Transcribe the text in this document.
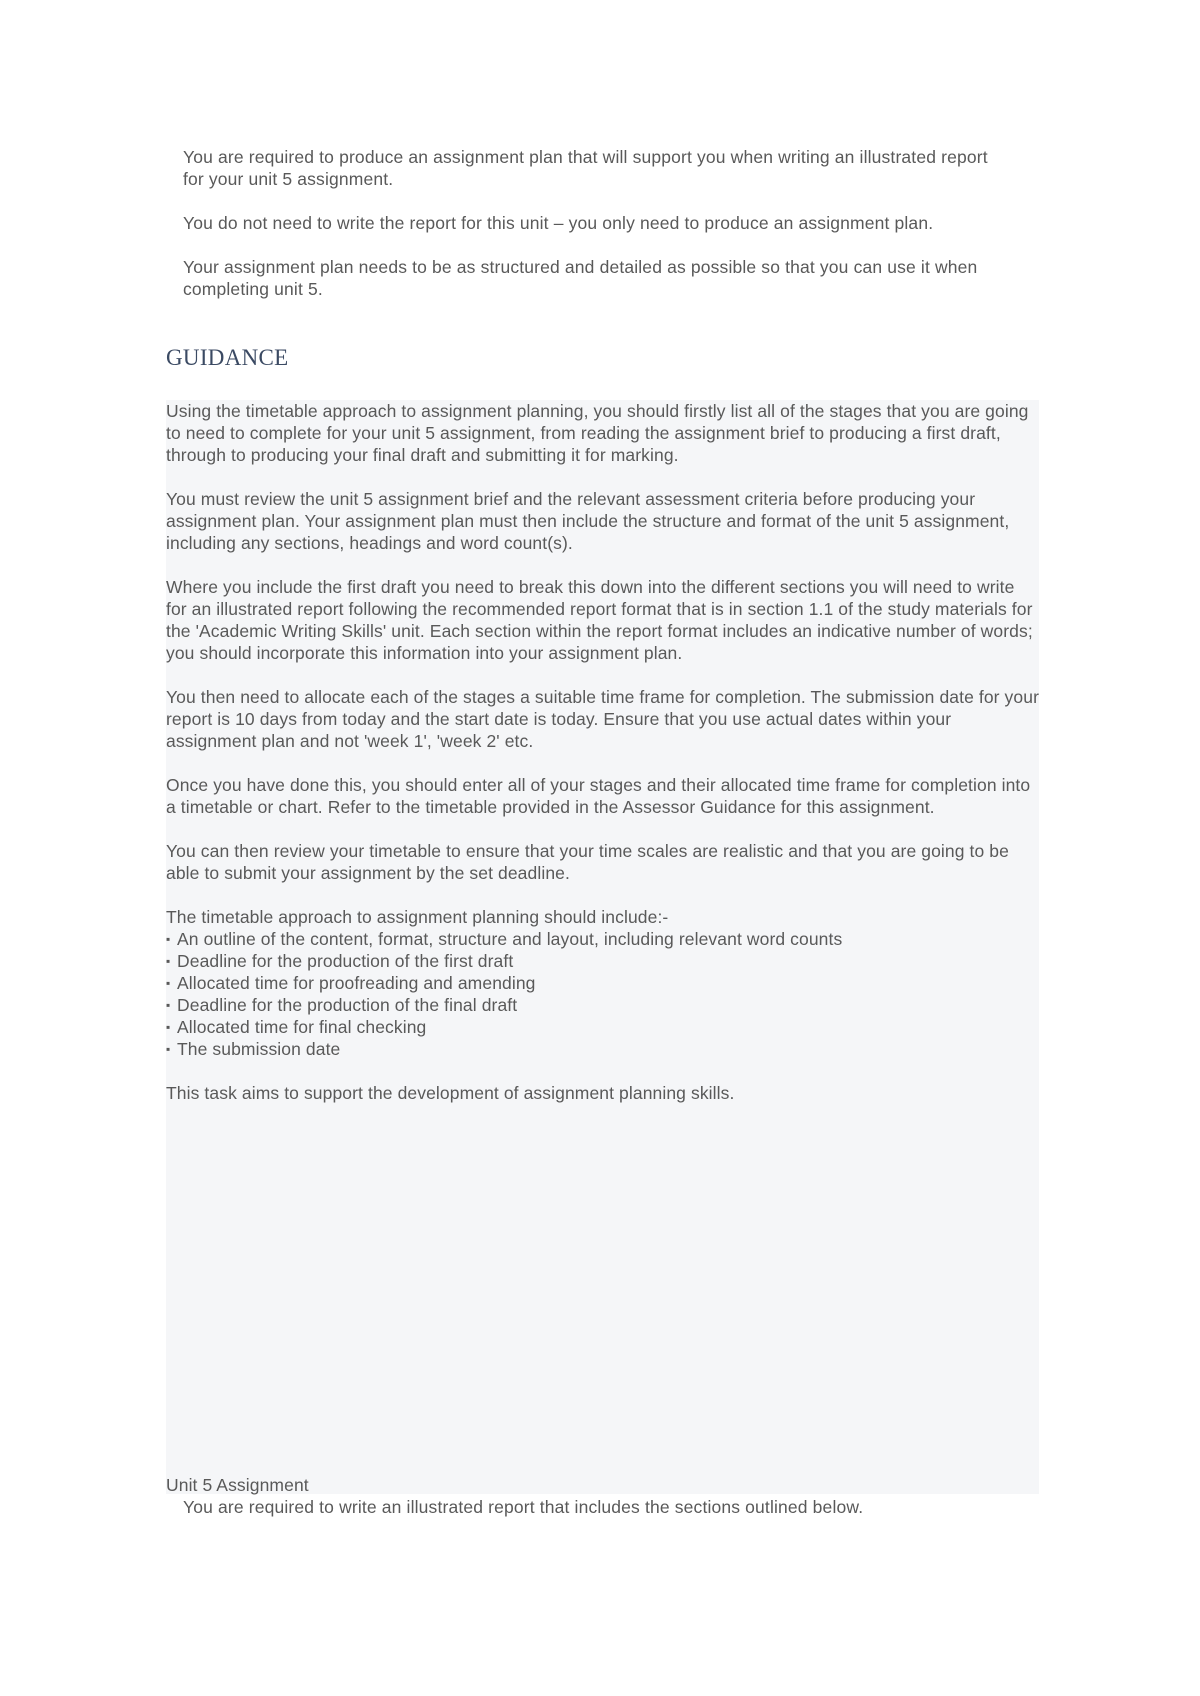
You are required to produce an assignment plan that will support you when writing an illustrated report for your unit 5 assignment.

You do not need to write the report for this unit – you only need to produce an assignment plan.

Your assignment plan needs to be as structured and detailed as possible so that you can use it when completing unit 5.

GUIDANCE

Using the timetable approach to assignment planning, you should firstly list all of the stages that you are going to need to complete for your unit 5 assignment, from reading the assignment brief to producing a first draft, through to producing your final draft and submitting it for marking.

You must review the unit 5 assignment brief and the relevant assessment criteria before producing your assignment plan. Your assignment plan must then include the structure and format of the unit 5 assignment, including any sections, headings and word count(s).

Where you include the first draft you need to break this down into the different sections you will need to write for an illustrated report following the recommended report format that is in section 1.1 of the study materials for the 'Academic Writing Skills' unit. Each section within the report format includes an indicative number of words; you should incorporate this information into your assignment plan.

You then need to allocate each of the stages a suitable time frame for completion. The submission date for your report is 10 days from today and the start date is today. Ensure that you use actual dates within your assignment plan and not 'week 1', 'week 2' etc.

Once you have done this, you should enter all of your stages and their allocated time frame for completion into a timetable or chart. Refer to the timetable provided in the Assessor Guidance for this assignment.

You can then review your timetable to ensure that your time scales are realistic and that you are going to be able to submit your assignment by the set deadline.

The timetable approach to assignment planning should include:-

▪ An outline of the content, format, structure and layout, including relevant word counts
▪ Deadline for the production of the first draft
▪ Allocated time for proofreading and amending
▪ Deadline for the production of the final draft
▪ Allocated time for final checking
▪ The submission date

This task aims to support the development of assignment planning skills.

Unit 5 Assignment

You are required to write an illustrated report that includes the sections outlined below.
